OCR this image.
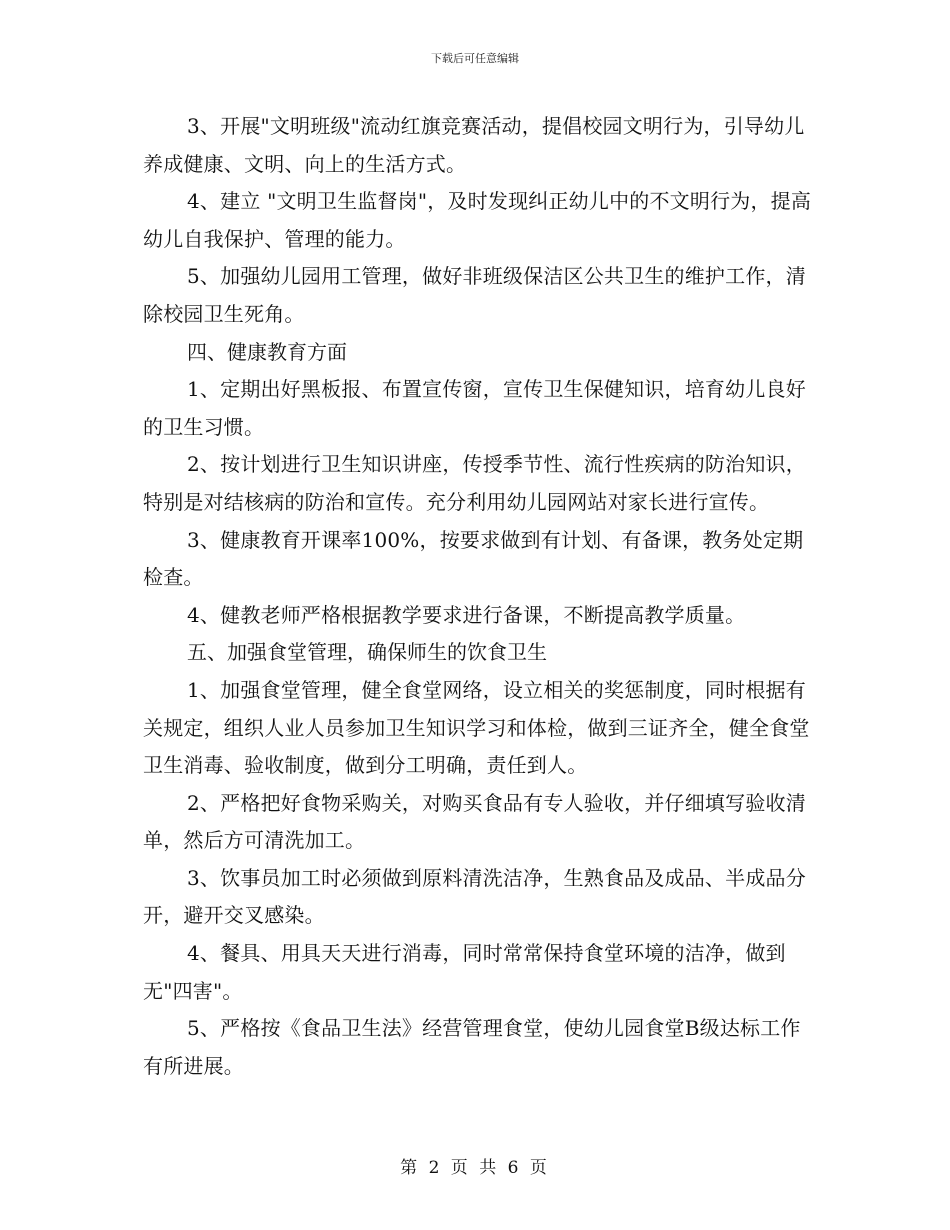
下载后可任意编辑

3、开展"文明班级"流动红旗竞赛活动，提倡校园文明行为，引导幼儿养成健康、文明、向上的生活方式。

4、建立 "文明卫生监督岗"，及时发现纠正幼儿中的不文明行为，提高幼儿自我保护、管理的能力。

5、加强幼儿园用工管理，做好非班级保洁区公共卫生的维护工作，清除校园卫生死角。

四、健康教育方面

1、定期出好黑板报、布置宣传窗，宣传卫生保健知识，培育幼儿良好的卫生习惯。

2、按计划进行卫生知识讲座，传授季节性、流行性疾病的防治知识，特别是对结核病的防治和宣传。充分利用幼儿园网站对家长进行宣传。

3、健康教育开课率100%，按要求做到有计划、有备课，教务处定期检查。

4、健教老师严格根据教学要求进行备课，不断提高教学质量。

五、加强食堂管理，确保师生的饮食卫生

1、加强食堂管理，健全食堂网络，设立相关的奖惩制度，同时根据有关规定，组织人业人员参加卫生知识学习和体检，做到三证齐全，健全食堂卫生消毒、验收制度，做到分工明确，责任到人。

2、严格把好食物采购关，对购买食品有专人验收，并仔细填写验收清单，然后方可清洗加工。

3、饮事员加工时必须做到原料清洗洁净，生熟食品及成品、半成品分开，避开交叉感染。

4、餐具、用具天天进行消毒，同时常常保持食堂环境的洁净，做到无"四害"。

5、严格按《食品卫生法》经营管理食堂，使幼儿园食堂B级达标工作有所进展。

第 2 页 共 6 页
